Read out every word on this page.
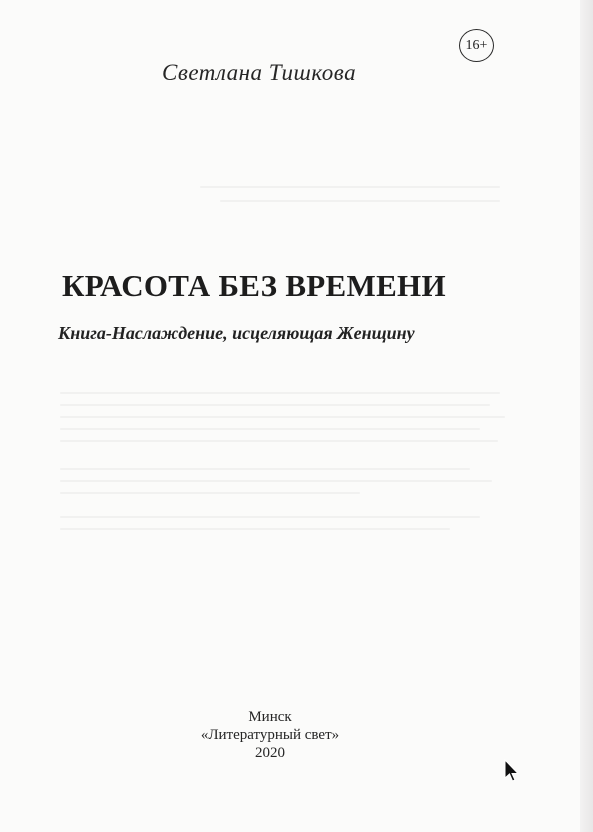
Светлана Тишкова
16+
КРАСОТА БЕЗ ВРЕМЕНИ
Книга-Наслаждение, исцеляющая Женщину
Минск
«Литературный свет»
2020
